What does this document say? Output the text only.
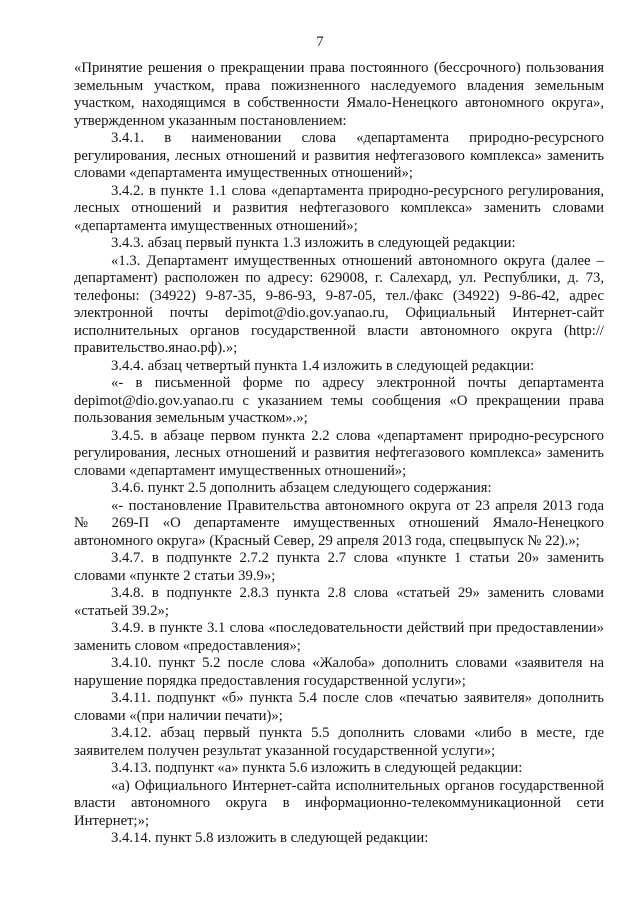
7

«Принятие решения о прекращении права постоянного (бессрочного) пользования земельным участком, права пожизненного наследуемого владения земельным участком, находящимся в собственности Ямало-Ненецкого автономного округа», утвержденном указанным постановлением:

3.4.1. в наименовании слова «департамента природно-ресурсного регулирования, лесных отношений и развития нефтегазового комплекса» заменить словами «департамента имущественных отношений»;

3.4.2. в пункте 1.1 слова «департамента природно-ресурсного регулирования, лесных отношений и развития нефтегазового комплекса» заменить словами «департамента имущественных отношений»;

3.4.3. абзац первый пункта 1.3 изложить в следующей редакции:

«1.3. Департамент имущественных отношений автономного округа (далее – департамент) расположен по адресу: 629008, г. Салехард, ул. Республики, д. 73, телефоны: (34922) 9-87-35, 9-86-93, 9-87-05, тел./факс (34922) 9-86-42, адрес электронной почты depimot@dio.gov.yanao.ru, Официальный Интернет-сайт исполнительных органов государственной власти автономного округа (http://правительство.янао.рф).»;

3.4.4. абзац четвертый пункта 1.4 изложить в следующей редакции:

«- в письменной форме по адресу электронной почты департамента depimot@dio.gov.yanao.ru с указанием темы сообщения «О прекращении права пользования земельным участком».»;

3.4.5. в абзаце первом пункта 2.2 слова «департамент природно-ресурсного регулирования, лесных отношений и развития нефтегазового комплекса» заменить словами «департамент имущественных отношений»;

3.4.6. пункт 2.5 дополнить абзацем следующего содержания:

«- постановление Правительства автономного округа от 23 апреля 2013 года № 269-П «О департаменте имущественных отношений Ямало-Ненецкого автономного округа» (Красный Север, 29 апреля 2013 года, спецвыпуск № 22).»;

3.4.7. в подпункте 2.7.2 пункта 2.7 слова «пункте 1 статьи 20» заменить словами «пункте 2 статьи 39.9»;

3.4.8. в подпункте 2.8.3 пункта 2.8 слова «статьей 29» заменить словами «статьей 39.2»;

3.4.9. в пункте 3.1 слова «последовательности действий при предоставлении» заменить словом «предоставления»;

3.4.10. пункт 5.2 после слова «Жалоба» дополнить словами «заявителя на нарушение порядка предоставления государственной услуги»;

3.4.11. подпункт «б» пункта 5.4 после слов «печатью заявителя» дополнить словами «(при наличии печати)»;

3.4.12. абзац первый пункта 5.5 дополнить словами «либо в месте, где заявителем получен результат указанной государственной услуги»;

3.4.13. подпункт «а» пункта 5.6 изложить в следующей редакции:

«а) Официального Интернет-сайта исполнительных органов государственной власти автономного округа в информационно-телекоммуникационной сети Интернет;»;

3.4.14. пункт 5.8 изложить в следующей редакции:
